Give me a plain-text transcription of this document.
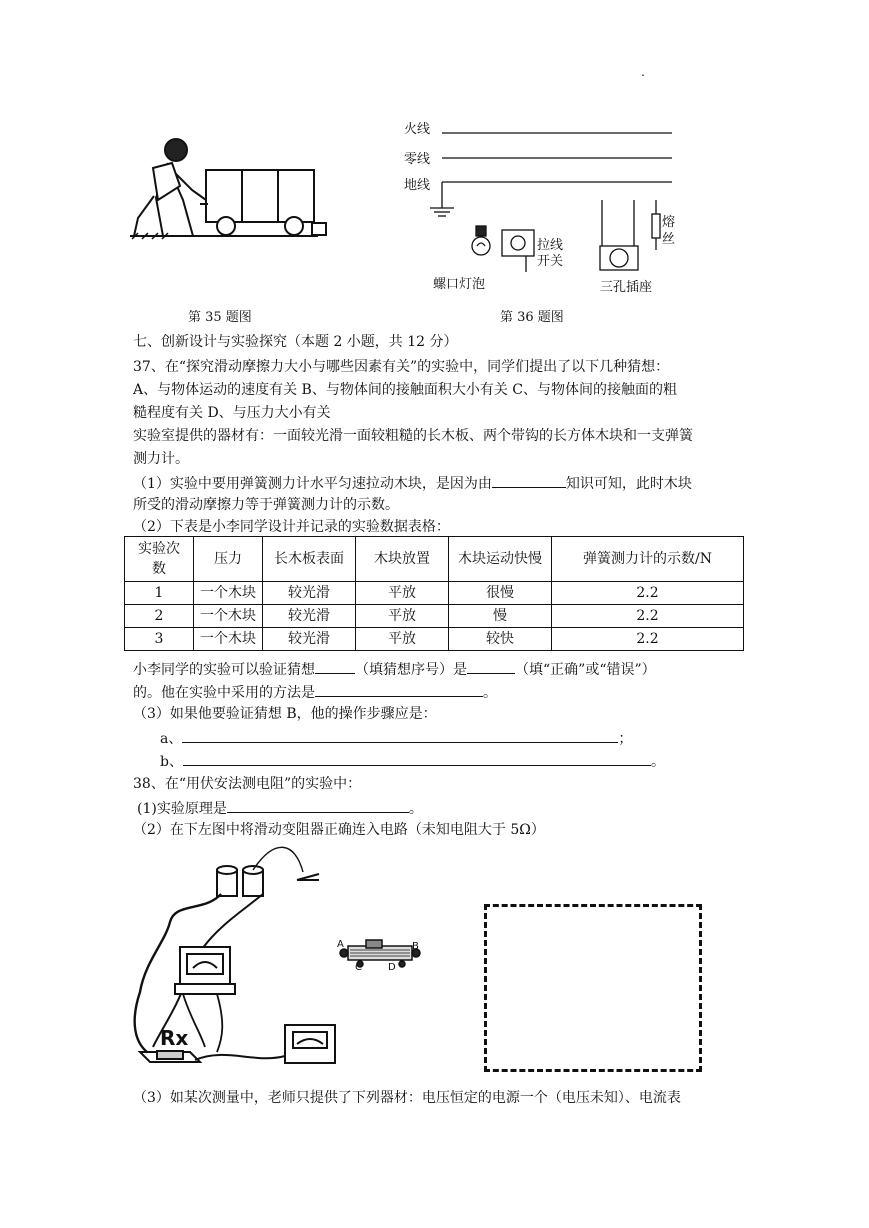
.
第 35 题图
火线
零线
地线
拉线
开关
熔
丝
螺口灯泡	三孔插座
第 36 题图
七、创新设计与实验探究（本题 2 小题，共 12 分）
37、在“探究滑动摩擦力大小与哪些因素有关”的实验中，同学们提出了以下几种猜想：
A、与物体运动的速度有关 B、与物体间的接触面积大小有关 C、与物体间的接触面的粗
糙程度有关 D、与压力大小有关
实验室提供的器材有：一面较光滑一面较粗糙的长木板、两个带钩的长方体木块和一支弹簧
测力计。
（1）实验中要用弹簧测力计水平匀速拉动木块，是因为由	知识可知，此时木块
所受的滑动摩擦力等于弹簧测力计的示数。
（2）下表是小李同学设计并记录的实验数据表格：
实验次数	压力	长木板表面	木块放置	木块运动快慢	弹簧测力计的示数/N
1	一个木块	较光滑	平放	很慢	2.2
2	一个木块	较光滑	平放	慢	2.2
3	一个木块	较光滑	平放	较快	2.2
小李同学的实验可以验证猜想	（填猜想序号）是	（填“正确”或“错误”）
的。他在实验中采用的方法是	。
（3）如果他要验证猜想 B，他的操作步骤应是：
a、	；
b、	。
38、在“用伏安法测电阻”的实验中：
(1)实验原理是	。
（2）在下左图中将滑动变阻器正确连入电路（未知电阻大于 5Ω）
Rx
A	B
C	D
（3）如某次测量中，老师只提供了下列器材：电压恒定的电源一个（电压未知）、电流表
